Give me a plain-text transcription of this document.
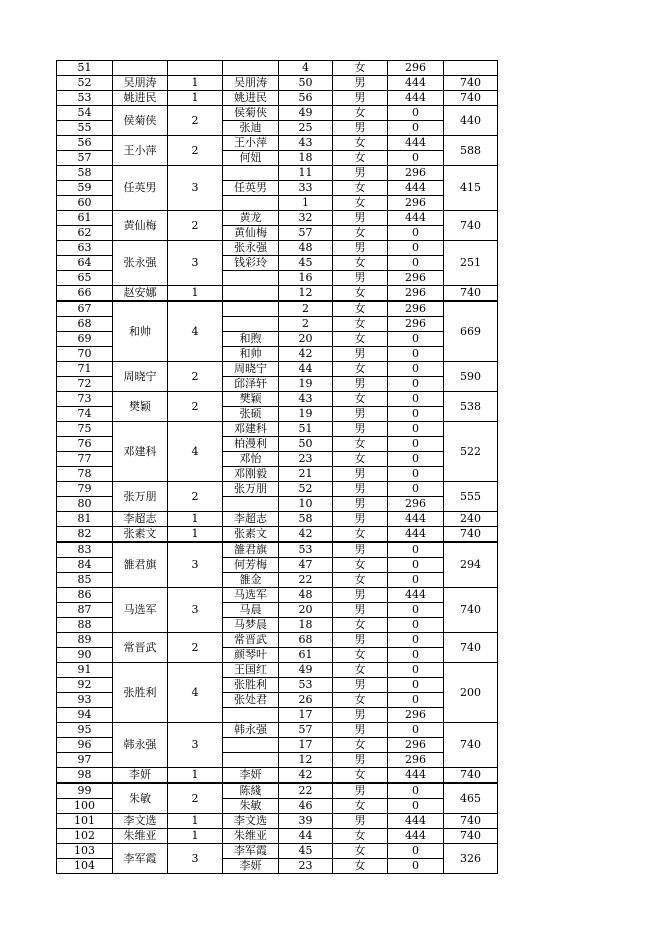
51				4	女	296	
52	吴朋涛	1	吴朋涛	50	男	444	740
53	姚进民	1	姚进民	56	男	444	740
54	侯菊侠	2	侯菊侠	49	女	0	440
55			张迪	25	男	0	
56	王小萍	2	王小萍	43	女	444	588
57			何妞	18	女	0	
58	任英男	3		11	男	296	415
59			任英男	33	女	444	
60				1	女	296	
61	黄仙梅	2	黄龙	32	男	444	740
62			黄仙梅	57	女	0	
63	张永强	3	张永强	48	男	0	251
64			钱彩玲	45	女	0	
65				16	男	296	
66	赵安娜	1		12	女	296	740
67	和帅	4		2	女	296	669
68				2	女	296	
69			和煦	20	女	0	
70			和帅	42	男	0	
71	周晓宁	2	周晓宁	44	女	0	590
72			邱泽轩	19	男	0	
73	樊颖	2	樊颖	43	女	0	538
74			张硕	19	男	0	
75	邓建科	4	邓建科	51	男	0	522
76			柏漫利	50	女	0	
77			邓怡	23	女	0	
78			邓刚毅	21	男	0	
79	张万朋	2	张万朋	52	男	0	555
80				10	男	296	
81	李超志	1	李超志	58	男	444	240
82	张素文	1	张素文	42	女	444	740
83	雒君旗	3	雒君旗	53	男	0	294
84			何芳梅	47	女	0	
85			雒金	22	女	0	
86	马选军	3	马选军	48	男	444	740
87			马晨	20	男	0	
88			马梦晨	18	女	0	
89	常晋武	2	常晋武	68	男	0	740
90			颜琴叶	61	女	0	
91	张胜利	4	王国红	49	女	0	200
92			张胜利	53	男	0	
93			张处君	26	女	0	
94				17	男	296	
95	韩永强	3	韩永强	57	男	0	740
96				17	女	296	
97				12	男	296	
98	李妍	1	李妍	42	女	444	740
99	朱敏	2	陈綫	22	男	0	465
100			朱敏	46	女	0	
101	李文选	1	李文选	39	男	444	740
102	朱维亚	1	朱维亚	44	女	444	740
103	李军霞	3	李军霞	45	女	0	326
104			李妍	23	女	0	
